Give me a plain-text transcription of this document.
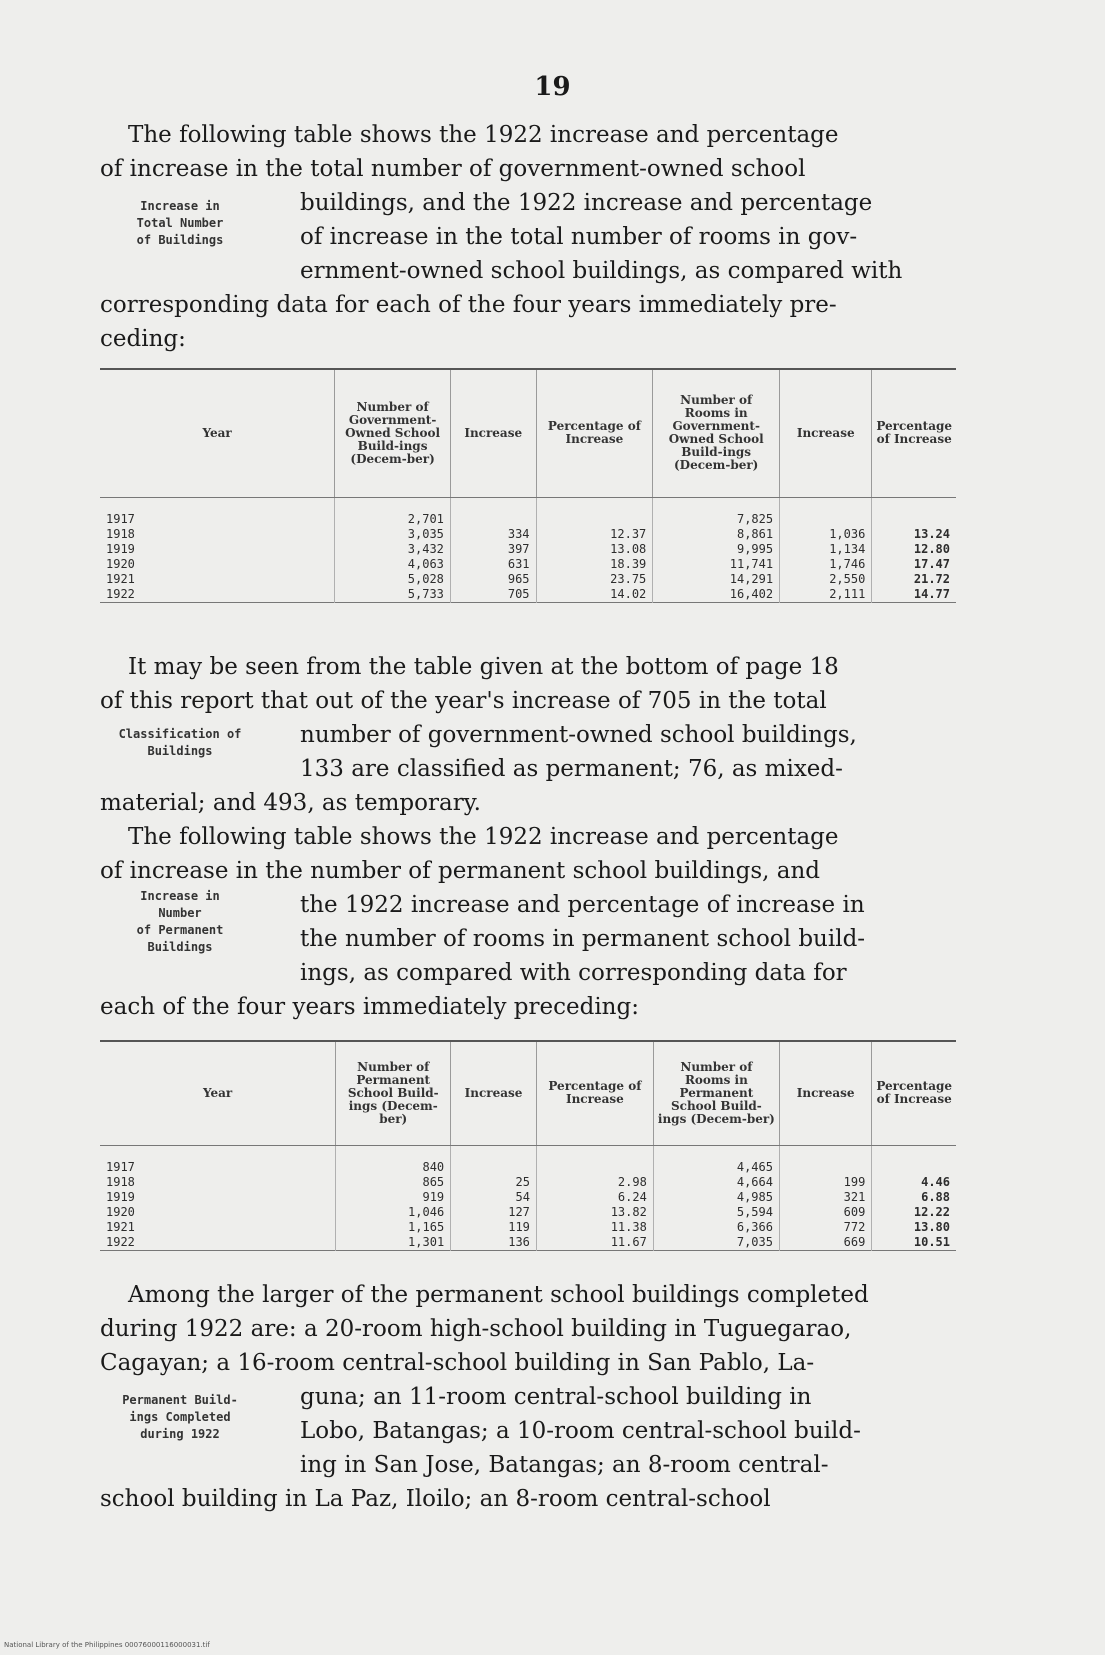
19
The following table shows the 1922 increase and percentage
of increase in the total number of government-owned school
Increase in
Total Number
of Buildings
buildings, and the 1922 increase and percentage
of increase in the total number of rooms in gov-
ernment-owned school buildings, as compared with
corresponding data for each of the four years immediately pre-
ceding:
Year	Number of Government-Owned School Build-ings (Decem-ber)	Increase	Percentage of Increase	Number of Rooms in Government-Owned School Build-ings (Decem-ber)	Increase	Percentage of Increase
1917	2,701			7,825		
1918	3,035	334	12.37	8,861	1,036	13.24
1919	3,432	397	13.08	9,995	1,134	12.80
1920	4,063	631	18.39	11,741	1,746	17.47
1921	5,028	965	23.75	14,291	2,550	21.72
1922	5,733	705	14.02	16,402	2,111	14.77
It may be seen from the table given at the bottom of page 18
of this report that out of the year's increase of 705 in the total
Classification of
Buildings
number of government-owned school buildings,
133 are classified as permanent; 76, as mixed-
material; and 493, as temporary.
The following table shows the 1922 increase and percentage
of increase in the number of permanent school buildings, and
Increase in
Number
of Permanent
Buildings
the 1922 increase and percentage of increase in
the number of rooms in permanent school build-
ings, as compared with corresponding data for
each of the four years immediately preceding:
Year	Number of Permanent School Build-ings (Decem-ber)	Increase	Percentage of Increase	Number of Rooms in Permanent School Build-ings (Decem-ber)	Increase	Percentage of Increase
1917	840			4,465		
1918	865	25	2.98	4,664	199	4.46
1919	919	54	6.24	4,985	321	6.88
1920	1,046	127	13.82	5,594	609	12.22
1921	1,165	119	11.38	6,366	772	13.80
1922	1,301	136	11.67	7,035	669	10.51
Among the larger of the permanent school buildings completed
during 1922 are: a 20-room high-school building in Tuguegarao,
Cagayan; a 16-room central-school building in San Pablo, La-
Permanent Build-
ings Completed
during 1922
guna; an 11-room central-school building in
Lobo, Batangas; a 10-room central-school build-
ing in San Jose, Batangas; an 8-room central-
school building in La Paz, Iloilo; an 8-room central-school
National Library of the Philippines 00076000116000031.tif
